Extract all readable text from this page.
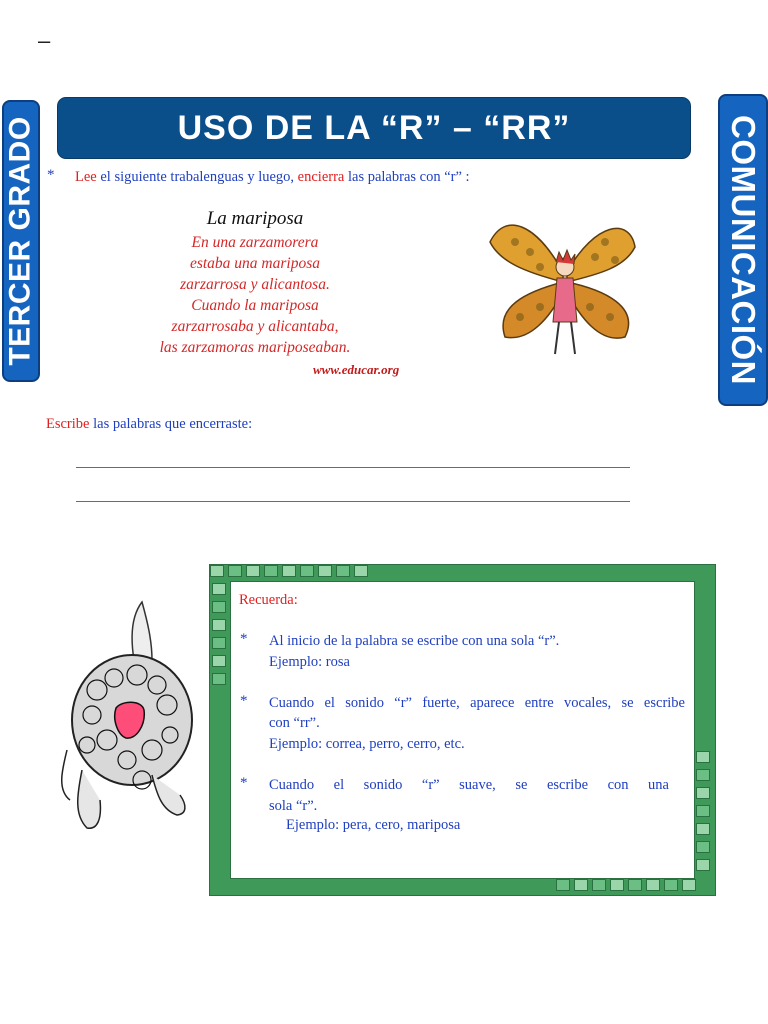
–
TERCER GRADO	COMUNICACIÓN
USO DE LA “R” – “RR”
* Lee el siguiente trabalenguas y luego, encierra las palabras con “r” :
La mariposa
En una zarzamorera
estaba una mariposa
zarzarrosa y alicantosa.
Cuando la mariposa
zarzarrosaba y alicantaba,
las zarzamoras mariposeaban.
www.educar.org
Escribe las palabras que encerraste:
Recuerda:
* Al inicio de la palabra se escribe con una sola “r”.
Ejemplo: rosa
* Cuando el sonido “r” fuerte, aparece entre vocales, se escribe
con “rr”.
Ejemplo: correa, perro, cerro, etc.
* Cuando el sonido “r” suave, se escribe con una
sola “r”.
Ejemplo: pera, cero, mariposa
